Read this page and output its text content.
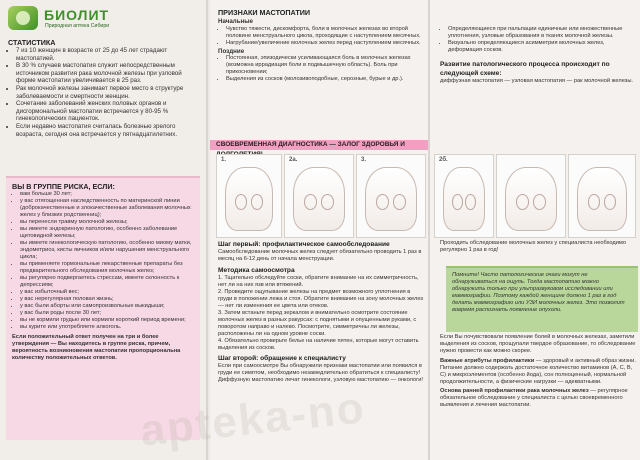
БИОЛИТ
Природная аптека Сибири

СТАТИСТИКА

• 7 из 10 женщин в возрасте от 25 до 45 лет страдают мастопатией.
• В 30 % случаев мастопатия служит непосредственным источником развития рака молочной железы при узловой форме мастопатии увеличивается в 25 раз.
• Рак молочной железы занимает первое место в структуре заболеваемости и смертности женщин.
• Сочетание заболеваний женских половых органов и дисгормональной мастопатии встречается у 80-95 % гинекологических пациенток.
• Если недавно мастопатия считалась болезнью зрелого возраста, сегодня она встречается у пятнадцатилетних.

ВЫ В ГРУППЕ РИСКА, ЕСЛИ:

• вам больше 30 лет;
• у вас отягощенная наследственность по материнской линии (доброкачественные и злокачественные заболевания молочных желез у близких родственниц);
• вы перенесли травму молочной железы;
• вы имеете эндокринную патологию, особенно заболевание щитовидной железы;
• вы имеете гинекологическую патологию, особенно миому матки, эндометриоз, кисты яичников и/или нарушения менструального цикла;
• вы применяете гормональные лекарственные препараты без предварительного обследования молочных желез;
• вы регулярно подвергаетесь стрессам, имеете склонность к депрессиям;
• у вас избыточный вес;
• у вас нерегулярная половая жизнь;
• у вас были аборты или самопроизвольные выкидыши;
• у вас были роды после 30 лет;
• вы не кормили грудью или кормили короткий период времени;
• вы курите или употребляете алкоголь.

Если положительный ответ получен на три и более утверждения — Вы находитесь в группе риска, причем, вероятность возникновения мастопатии пропорциональна количеству положительных ответов.

ПРИЗНАКИ МАСТОПАТИИ

Начальные

• Чувство тяжести, дискомфорта, боли в молочных железах во второй половине менструального цикла, проходящие с наступлением месячных.
• Нагрубание/увеличение молочных желез перед наступлением месячных.

Поздние

• Постоянная, эпизодически усиливающаяся боль в молочных железах (возможна иррадиация боли в подмышечную область). Боль при прикосновении;
• Выделения из сосков (молозивоподобные, серозные, бурые и др.).
СВОЕВРЕМЕННАЯ ДИАГНОСТИКА — ЗАЛОГ ЗДОРОВЬЯ И
1.	2а.	3.

Шаг первый: профилактическое самообследование

Самообследование молочных желез следует обязательно проводить 1 раз в месяц на 6-12 день от начала менструации.

Методика самоосмотра

1. Тщательно обследуйте соски, обратите внимание на их симметричность, нет ли на них язв или втяжений.
2. Проведите ощупывание железы на предмет возможного уплотнения в груди в положении лежа и стоя. Обратите внимание на зону молочных желез — нет ли изменения ее цвета или отеков.
3. Затем встаньте перед зеркалом и внимательно осмотрите состояние молочных желез в разных ракурсах: с поднятыми и опущенными руками, с поворотом направо и налево. Посмотрите, симметричны ли железы, расположены ли на одном уровне соски.
4. Обязательно проверьте белье на наличие пятен, которые могут оставить выделения из сосков.

Шаг второй: обращение к специалисту

Если при самоосмотре Вы обнаружили признаки мастопатии или появился в груди ее симптом, необходимо незамедлительно обратиться к специалисту! Диффузную мастопатию лечат гинекологи, узловую мастопатию — онкологи!

• Определяющиеся при пальпации единичные или множественные уплотнения, узловые образования в тканях молочной железы.
• Визуально определяющиеся асимметрия молочных желез, деформация сосков.

Развитие патологического процесса происходит по следующей схеме:

диффузная мастопатия — узловая мастопатия — рак молочной железы.

2б.

Проходить обследование молочных желез у специалиста необходимо регулярно 1 раз в год!

Помните! Часто патологические очаги могут не обнаруживаться на ощупь. Тогда мастопатию можно обнаружить только при ультразвуковом исследовании или маммографии. Поэтому каждой женщине должно 1 раз в год делать маммографию или УЗИ молочных желез. Это позволит вовремя распознать появление опухоли.

Если Вы почувствовали появление болей в молочных железах, заметили выделения из сосков, прощупали твердое образование, то обследование нужно провести как можно скорее.

Важные атрибуты профилактики — здоровый и активный образ жизни. Питание должно содержать достаточное количество витаминов (А, С, В, С) и микроэлементов (особенно йода), сон полноценный, нормальной продолжительности, а физические нагрузки — адекватными.

Основа ранней профилактики рака молочных желез — регулярное обязательное обследование у специалиста с целью своевременного выявления и лечения мастопатии.

apteka-no
